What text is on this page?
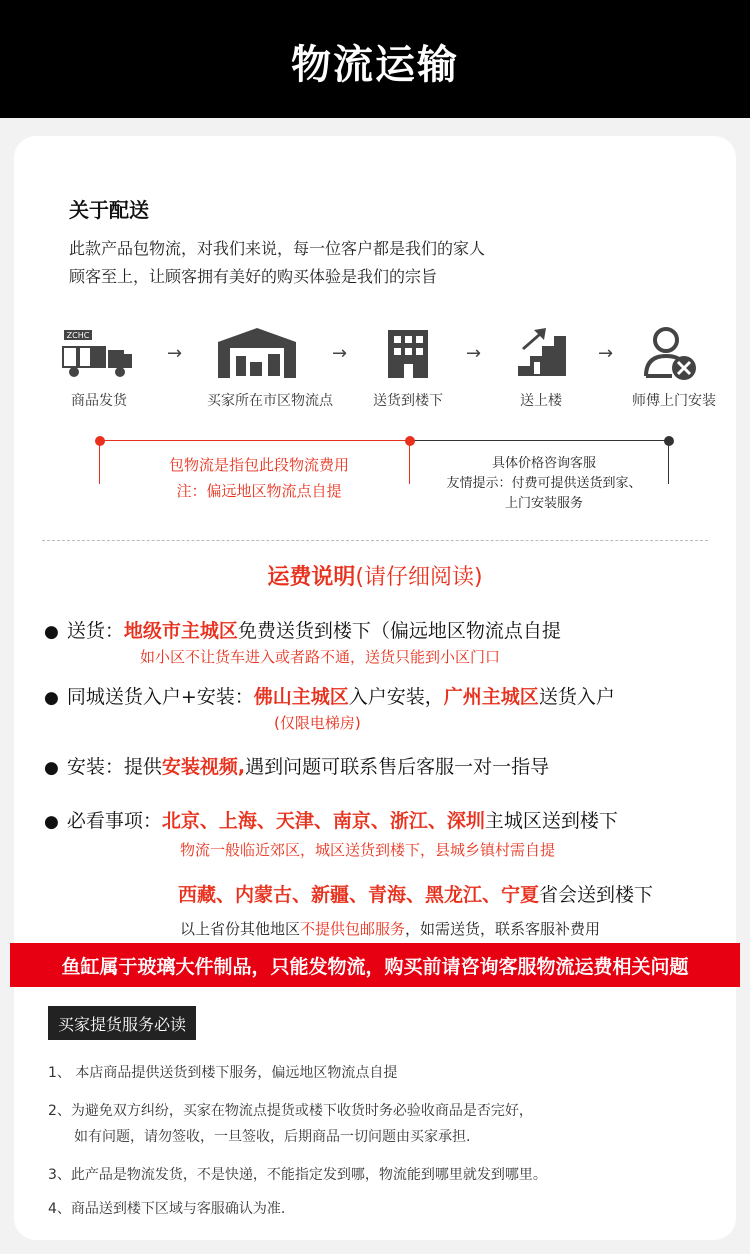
物流运输
关于配送
此款产品包物流，对我们来说，每一位客户都是我们的家人
顾客至上，让顾客拥有美好的购买体验是我们的宗旨
ZCHC
商品发货
→
买家所在市区物流点
→
送货到楼下
→
送上楼
→
师傅上门安装
包物流是指包此段物流费用
注：偏远地区物流点自提
具体价格咨询客服
友情提示：付费可提供送货到家、
上门安装服务
运费说明(请仔细阅读)
● 送货：地级市主城区免费送货到楼下（偏远地区物流点自提
如小区不让货车进入或者路不通，送货只能到小区门口
● 同城送货入户+安装：佛山主城区入户安装，广州主城区送货入户
(仅限电梯房)
● 安装：提供安装视频,遇到问题可联系售后客服一对一指导
● 必看事项：北京、上海、天津、南京、浙江、深圳主城区送到楼下
物流一般临近郊区，城区送货到楼下，县城乡镇村需自提
西藏、内蒙古、新疆、青海、黑龙江、宁夏省会送到楼下
以上省份其他地区不提供包邮服务，如需送货，联系客服补费用
鱼缸属于玻璃大件制品，只能发物流，购买前请咨询客服物流运费相关问题
买家提货服务必读
1、 本店商品提供送货到楼下服务，偏远地区物流点自提
2、为避免双方纠纷，买家在物流点提货或楼下收货时务必验收商品是否完好，
如有问题，请勿签收，一旦签收，后期商品一切问题由买家承担.
3、此产品是物流发货，不是快递，不能指定发到哪，物流能到哪里就发到哪里。
4、商品送到楼下区域与客服确认为准.
